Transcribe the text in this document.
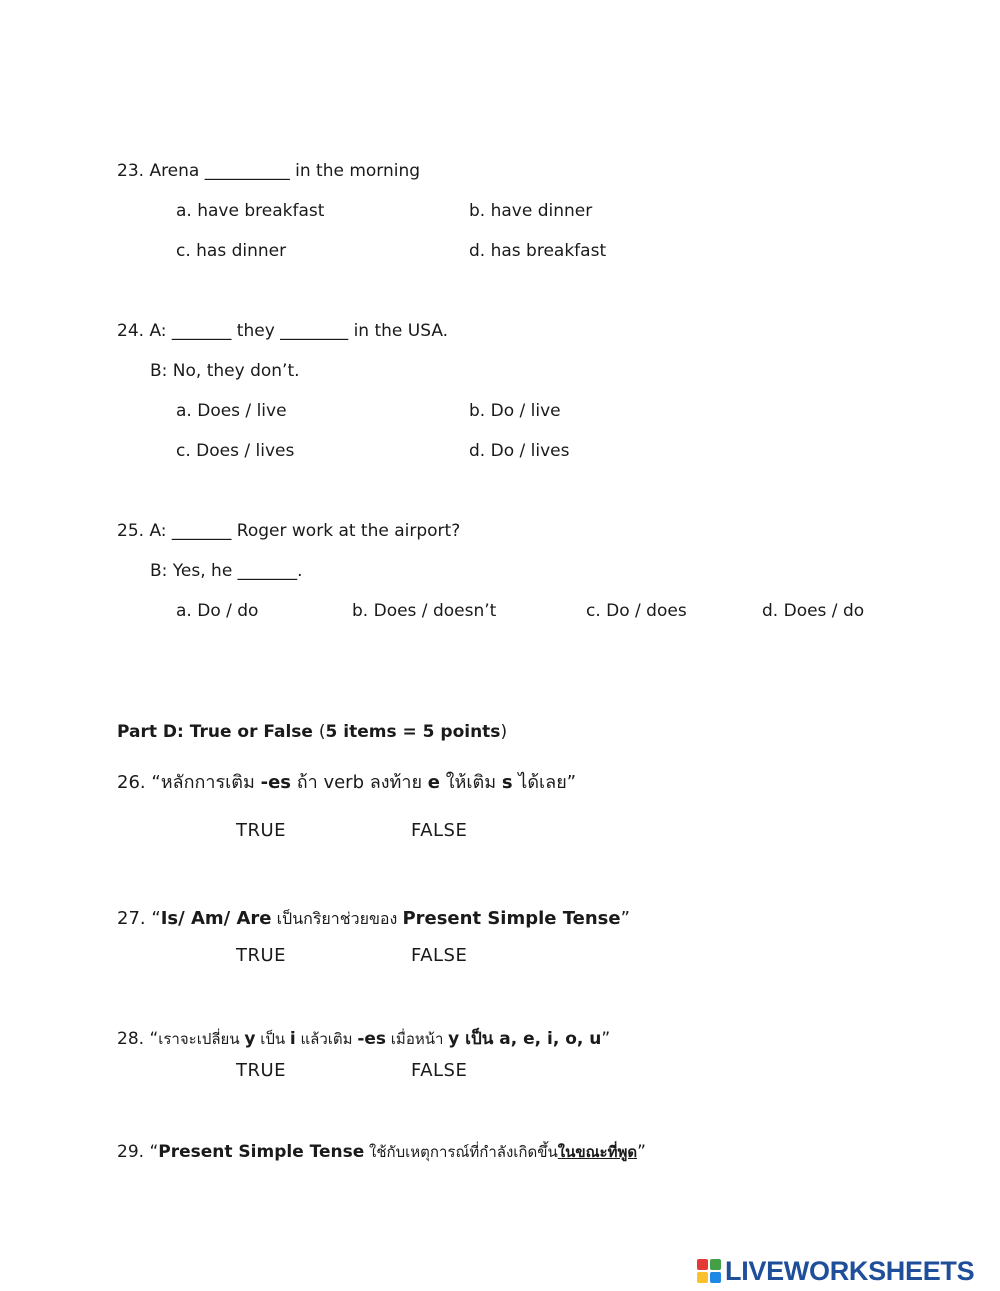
23. Arena __________ in the morning
a. have breakfast	b. have dinner
c. has dinner	d. has breakfast
24. A: _______ they ________ in the USA.
B: No, they don’t.
a. Does / live	b. Do / live
c. Does / lives	d. Do / lives
25. A: _______ Roger work at the airport?
B: Yes, he _______.
a. Do / do	b. Does / doesn’t	c. Do / does	d. Does / do
Part D: True or False (5 items = 5 points)
26. “หลักการเติม -es ถ้า verb ลงท้าย e ให้เติม s ได้เลย”
TRUE	FALSE
27. “Is/ Am/ Are เป็นกริยาช่วยของ Present Simple Tense”
TRUE	FALSE
28. “เราจะเปลี่ยน y เป็น i แล้วเติม -es เมื่อหน้า y เป็น a, e, i, o, u”
TRUE	FALSE
29. “Present Simple Tense ใช้กับเหตุการณ์ที่กำลังเกิดขึ้นในขณะที่พูด”
LIVEWORKSHEETS
